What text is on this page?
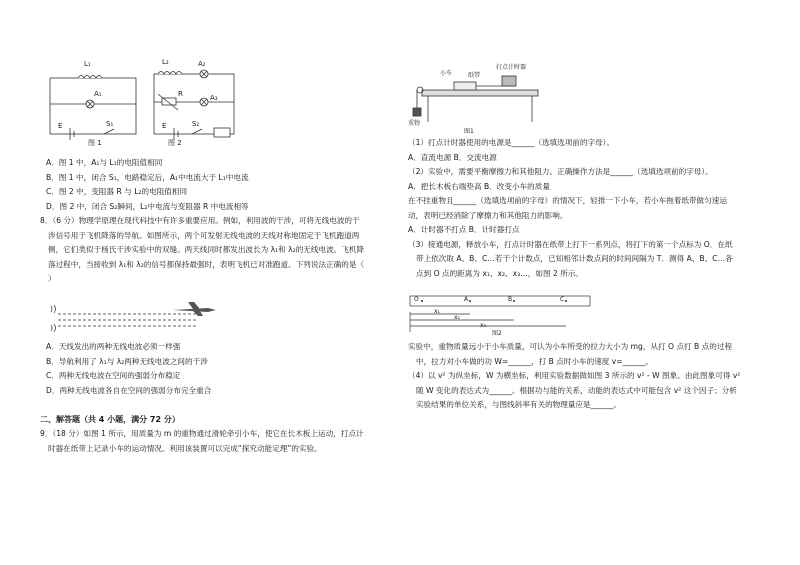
L₁
A₁
E	S₁
图 1
L₂	A₂
R	A₃
E	S₂
图 2
A．图 1 中，A₁与 L₁的电阻值相同
B．图 1 中，闭合 S₁，电路稳定后，A₁中电流大于 L₁中电流
C．图 2 中，变阻器 R 与 L₂的电阻值相同
D．图 2 中，闭合 S₂瞬间，L₂中电流与变阻器 R 中电流相等
8．（6 分）物理学原理在现代科技中有许多重要应用。例如，利用波的干涉，可将无线电波的干
涉信号用于飞机降落的导航。如图所示，两个可发射无线电波的天线对称地固定于飞机跑道两
侧，它们类似于杨氏干涉实验中的双缝。两天线同时都发出波长为 λ₁和 λ₂的无线电波。飞机降
落过程中，当接收到 λ₁和 λ₂的信号都保持最强时，表明飞机已对准跑道。下列说法正确的是（
）
A．天线发出的两种无线电波必须一样强
B．导航利用了 λ₁与 λ₂两种无线电波之间的干涉
C．两种无线电波在空间的强弱分布稳定
D．两种无线电波各自在空间的强弱分布完全重合
二、解答题（共 4 小题，满分 72 分）
9．（18 分）如图 1 所示，用质量为 m 的重物通过滑轮牵引小车，使它在长木板上运动，打点计
时器在纸带上记录小车的运动情况。利用该装置可以完成“探究动能定理”的实验。
小车	纸带
打点计时器
重物
图1
（1）打点计时器使用的电源是______（选填选项前的字母）。
A．直流电源 B．交流电源
（2）实验中，需要平衡摩擦力和其他阻力。正确操作方法是______（选填选项前的字母）。
A．把长木板右端垫高 B．改变小车的质量
在不挂重物且______（选填选项前的字母）的情况下，轻推一下小车，若小车拖着纸带做匀速运
动，表明已经消除了摩擦力和其他阻力的影响。
A．计时器不打点 B．计时器打点
（3）接通电源，释放小车，打点计时器在纸带上打下一系列点，将打下的第一个点标为 O．在纸
带上依次取 A、B、C…若干个计数点，已知相邻计数点间的时间间隔为 T．测得 A、B、C…各
点到 O 点的距离为 x₁、x₂、x₃…，如图 2 所示。
O	A	B	C
x₁
x₂
x₃
图2
实验中，重物质量远小于小车质量，可认为小车所受的拉力大小为 mg，从打 O 点打 B 点的过程
中，拉力对小车做的功 W=______，打 B 点时小车的速度 v=______。
（4）以 v² 为纵坐标，W 为横坐标，利用实验数据做如图 3 所示的 v² - W 图象。由此图象可得 v²
随 W 变化的表达式为______。根据功与能的关系，动能的表达式中可能包含 v² 这个因子；分析
实验结果的单位关系，与图线斜率有关的物理量应是______。
